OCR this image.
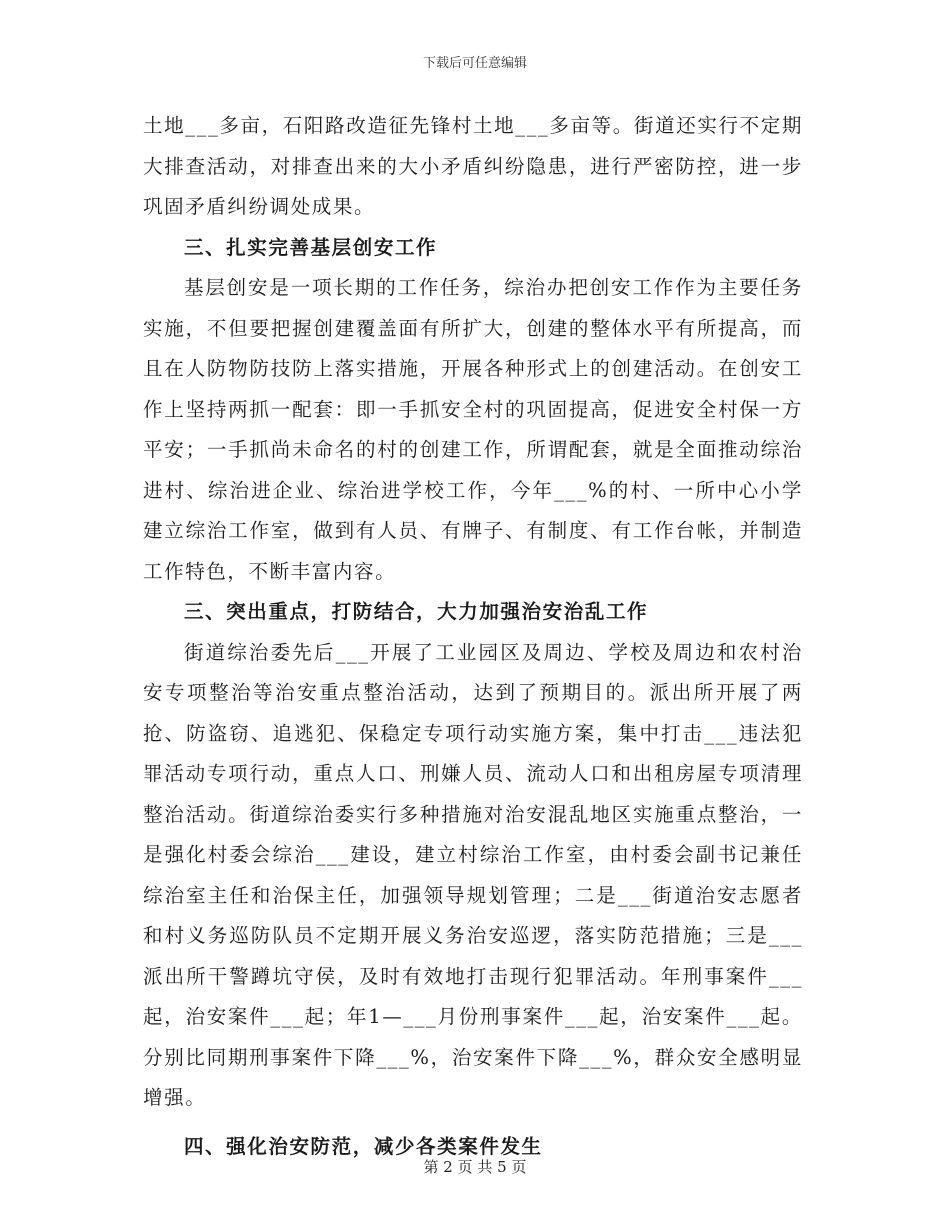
下载后可任意编辑

土地___多亩，石阳路改造征先锋村土地___多亩等。街道还实行不定期大排查活动，对排查出来的大小矛盾纠纷隐患，进行严密防控，进一步巩固矛盾纠纷调处成果。

三、扎实完善基层创安工作

基层创安是一项长期的工作任务，综治办把创安工作作为主要任务实施，不但要把握创建覆盖面有所扩大，创建的整体水平有所提高，而且在人防物防技防上落实措施，开展各种形式上的创建活动。在创安工作上坚持两抓一配套：即一手抓安全村的巩固提高，促进安全村保一方平安；一手抓尚未命名的村的创建工作，所谓配套，就是全面推动综治进村、综治进企业、综治进学校工作，今年___%的村、一所中心小学建立综治工作室，做到有人员、有牌子、有制度、有工作台帐，并制造工作特色，不断丰富内容。

三、突出重点，打防结合，大力加强治安治乱工作

街道综治委先后___开展了工业园区及周边、学校及周边和农村治安专项整治等治安重点整治活动，达到了预期目的。派出所开展了两抢、防盗窃、追逃犯、保稳定专项行动实施方案，集中打击___违法犯罪活动专项行动，重点人口、刑嫌人员、流动人口和出租房屋专项清理整治活动。街道综治委实行多种措施对治安混乱地区实施重点整治，一是强化村委会综治___建设，建立村综治工作室，由村委会副书记兼任综治室主任和治保主任，加强领导规划管理；二是___街道治安志愿者和村义务巡防队员不定期开展义务治安巡逻，落实防范措施；三是___派出所干警蹲坑守侯，及时有效地打击现行犯罪活动。年刑事案件___起，治安案件___起；年1—___月份刑事案件___起，治安案件___起。分别比同期刑事案件下降___%，治安案件下降___%，群众安全感明显增强。

四、强化治安防范，减少各类案件发生

第 2 页 共 5 页
